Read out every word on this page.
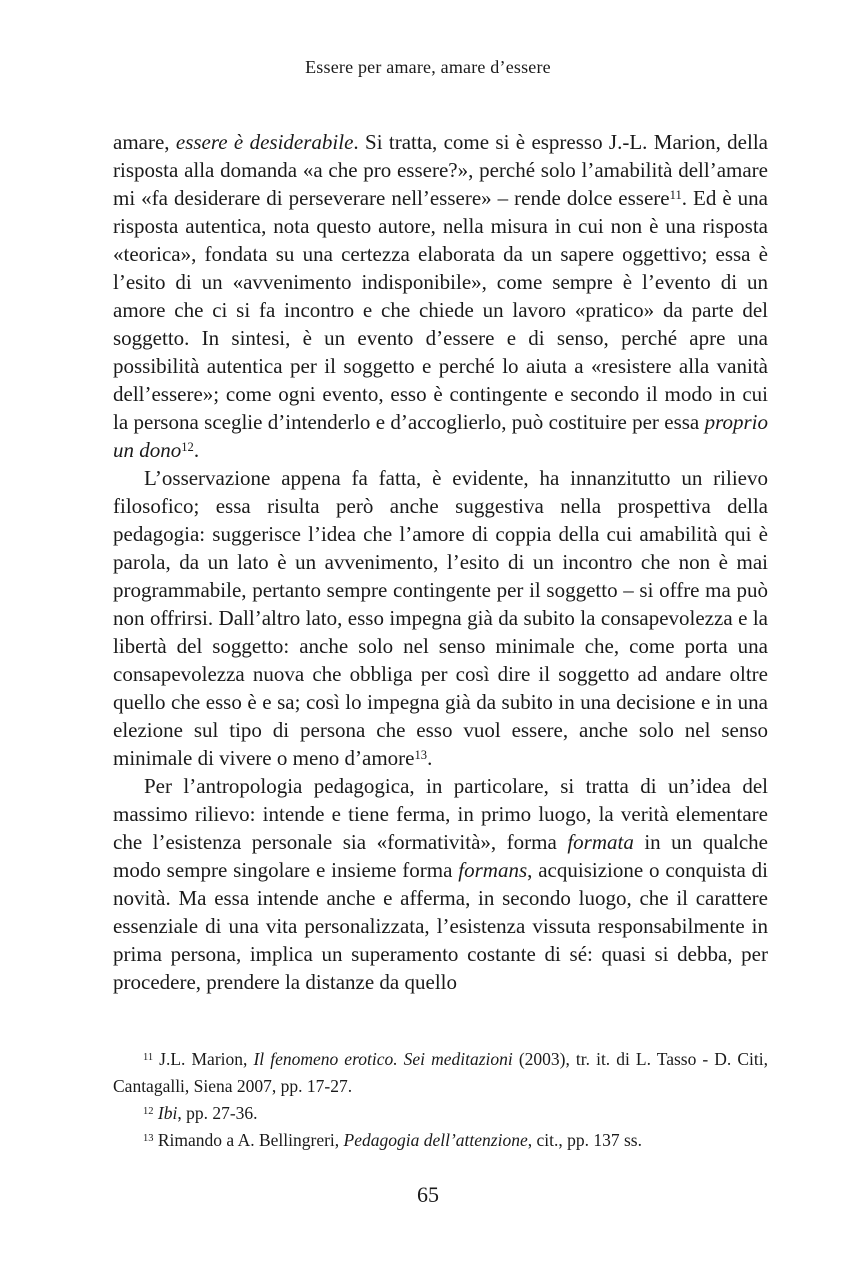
Essere per amare, amare d’essere

amare, essere è desiderabile. Si tratta, come si è espresso J.-L. Marion, della risposta alla domanda «a che pro essere?», perché solo l’amabilità dell’amare mi «fa desiderare di perseverare nell’essere» – rende dolce essere$^{11}$. Ed è una risposta autentica, nota questo autore, nella misura in cui non è una risposta «teorica», fondata su una certezza elaborata da un sapere oggettivo; essa è l’esito di un «avvenimento indisponibile», come sempre è l’evento di un amore che ci si fa incontro e che chiede un lavoro «pratico» da parte del soggetto. In sintesi, è un evento d’essere e di senso, perché apre una possibilità autentica per il soggetto e perché lo aiuta a «resistere alla vanità dell’essere»; come ogni evento, esso è contingente e secondo il modo in cui la persona sceglie d’intenderlo e d’accoglierlo, può costituire per essa proprio un dono$^{12}$.

L’osservazione appena fa fatta, è evidente, ha innanzitutto un rilievo filosofico; essa risulta però anche suggestiva nella prospettiva della pedagogia: suggerisce l’idea che l’amore di coppia della cui amabilità qui è parola, da un lato è un avvenimento, l’esito di un incontro che non è mai programmabile, pertanto sempre contingente per il soggetto – si offre ma può non offrirsi. Dall’altro lato, esso impegna già da subito la consapevolezza e la libertà del soggetto: anche solo nel senso minimale che, come porta una consapevolezza nuova che obbliga per così dire il soggetto ad andare oltre quello che esso è e sa; così lo impegna già da subito in una decisione e in una elezione sul tipo di persona che esso vuol essere, anche solo nel senso minimale di vivere o meno d’amore$^{13}$.

Per l’antropologia pedagogica, in particolare, si tratta di un’idea del massimo rilievo: intende e tiene ferma, in primo luogo, la verità elementare che l’esistenza personale sia «formatività», forma formata in un qualche modo sempre singolare e insieme forma formans, acquisizione o conquista di novità. Ma essa intende anche e afferma, in secondo luogo, che il carattere essenziale di una vita personalizzata, l’esistenza vissuta responsabilmente in prima persona, implica un superamento costante di sé: quasi si debba, per procedere, prendere la distanze da quello

$^{11}$ J.L. Marion, Il fenomeno erotico. Sei meditazioni (2003), tr. it. di L. Tasso - D. Citi, Cantagalli, Siena 2007, pp. 17-27.

$^{12}$ Ibi, pp. 27-36.

$^{13}$ Rimando a A. Bellingreri, Pedagogia dell’attenzione, cit., pp. 137 ss.

65
